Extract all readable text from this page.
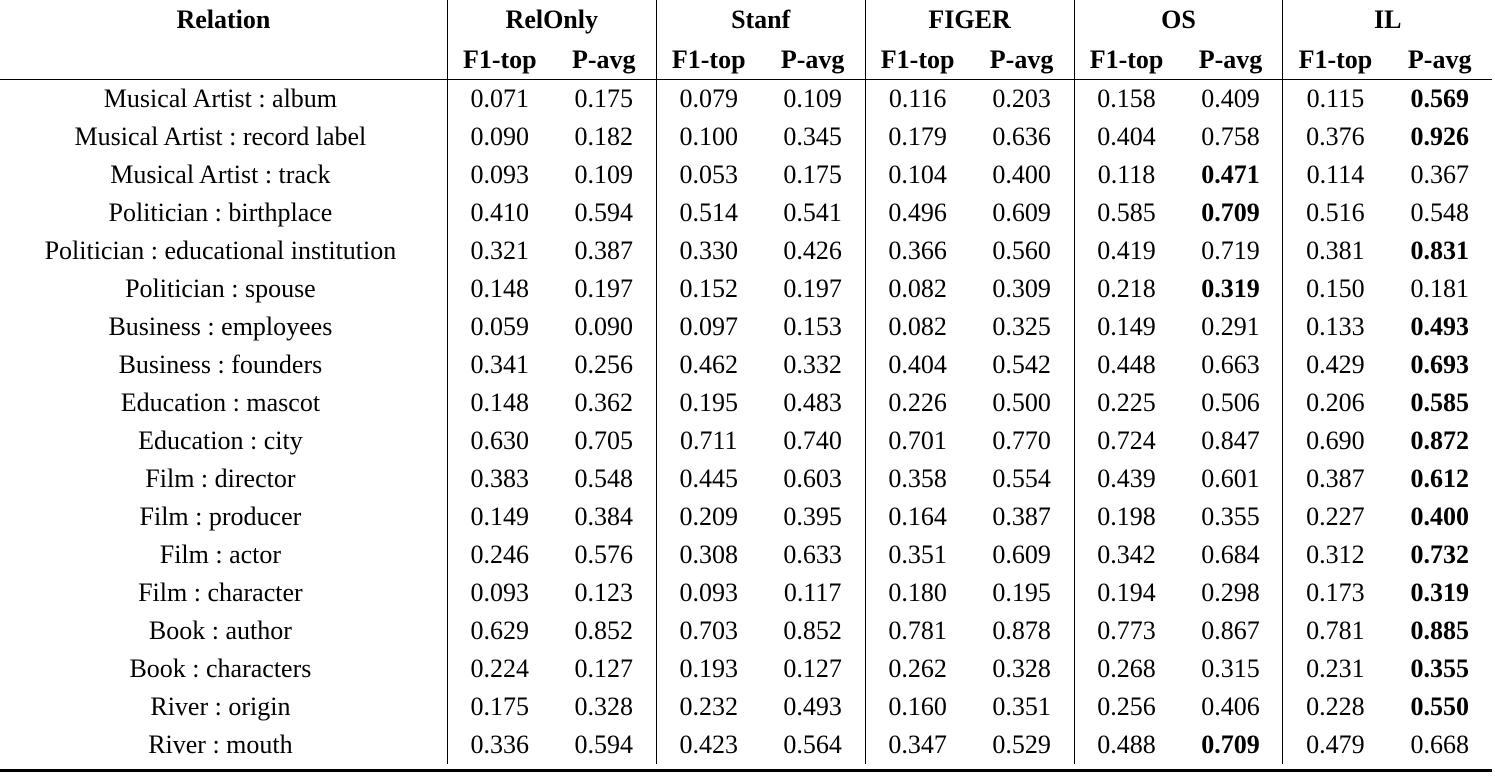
Relation	RelOnly		Stanf		FIGER		OS		IL	
	F1-top	P-avg	F1-top	P-avg	F1-top	P-avg	F1-top	P-avg	F1-top	P-avg
Musical Artist : album	0.071	0.175	0.079	0.109	0.116	0.203	0.158	0.409	0.115	0.569
Musical Artist : record label	0.090	0.182	0.100	0.345	0.179	0.636	0.404	0.758	0.376	0.926
Musical Artist : track	0.093	0.109	0.053	0.175	0.104	0.400	0.118	0.471	0.114	0.367
Politician : birthplace	0.410	0.594	0.514	0.541	0.496	0.609	0.585	0.709	0.516	0.548
Politician : educational institution	0.321	0.387	0.330	0.426	0.366	0.560	0.419	0.719	0.381	0.831
Politician : spouse	0.148	0.197	0.152	0.197	0.082	0.309	0.218	0.319	0.150	0.181
Business : employees	0.059	0.090	0.097	0.153	0.082	0.325	0.149	0.291	0.133	0.493
Business : founders	0.341	0.256	0.462	0.332	0.404	0.542	0.448	0.663	0.429	0.693
Education : mascot	0.148	0.362	0.195	0.483	0.226	0.500	0.225	0.506	0.206	0.585
Education : city	0.630	0.705	0.711	0.740	0.701	0.770	0.724	0.847	0.690	0.872
Film : director	0.383	0.548	0.445	0.603	0.358	0.554	0.439	0.601	0.387	0.612
Film : producer	0.149	0.384	0.209	0.395	0.164	0.387	0.198	0.355	0.227	0.400
Film : actor	0.246	0.576	0.308	0.633	0.351	0.609	0.342	0.684	0.312	0.732
Film : character	0.093	0.123	0.093	0.117	0.180	0.195	0.194	0.298	0.173	0.319
Book : author	0.629	0.852	0.703	0.852	0.781	0.878	0.773	0.867	0.781	0.885
Book : characters	0.224	0.127	0.193	0.127	0.262	0.328	0.268	0.315	0.231	0.355
River : origin	0.175	0.328	0.232	0.493	0.160	0.351	0.256	0.406	0.228	0.550
River : mouth	0.336	0.594	0.423	0.564	0.347	0.529	0.488	0.709	0.479	0.668
